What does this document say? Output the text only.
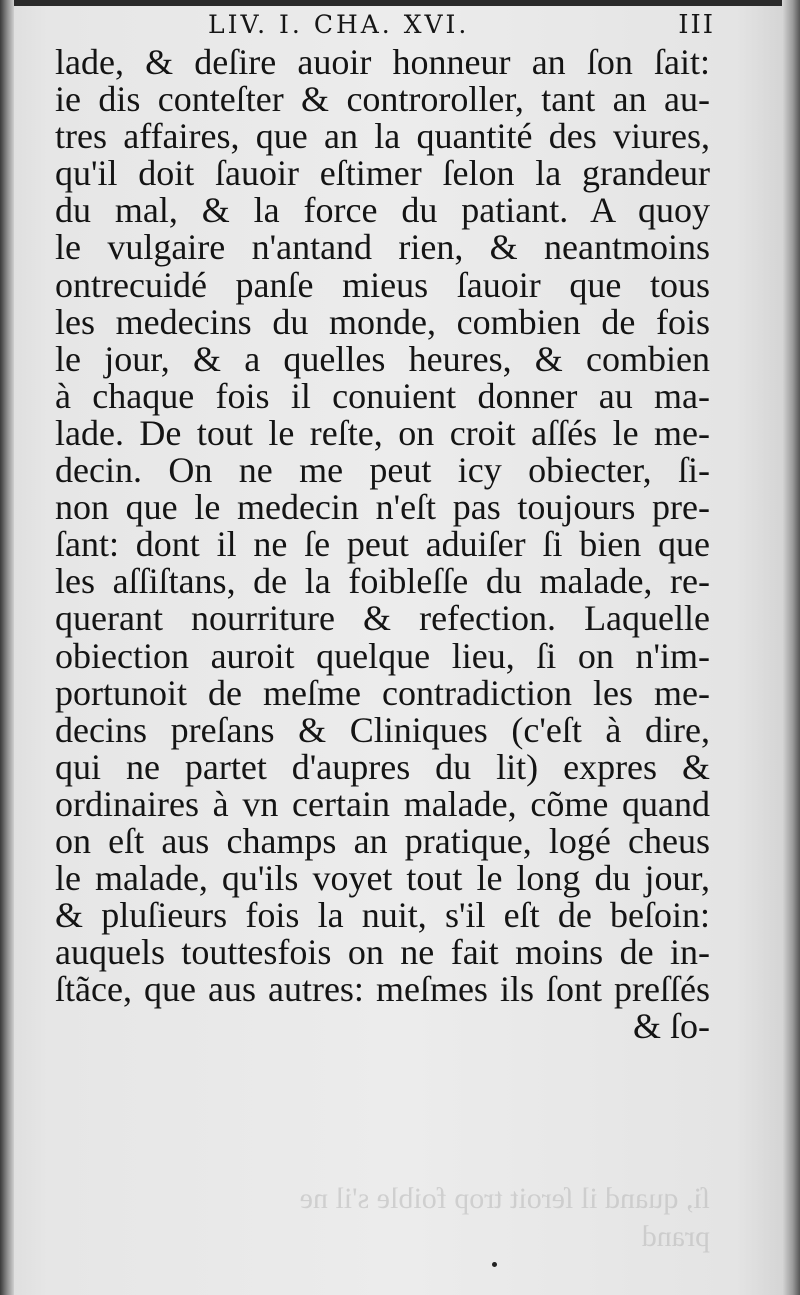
LIV. I. CHA. XVI.	III
lade, & deſire auoir honneur an ſon ſait:
ie dis conteſter & controroller, tant an au-
tres affaires, que an la quantité des viures,
qu'il doit ſauoir eſtimer ſelon la grandeur
du mal, & la force du patiant. A quoy
le vulgaire n'antand rien, & neantmoins
ontrecuidé panſe mieus ſauoir que tous
les medecins du monde, combien de fois
le jour, & a quelles heures, & combien
à chaque fois il conuient donner au ma-
lade. De tout le reſte, on croit aſſés le me-
decin. On ne me peut icy obiecter, ſi-
non que le medecin n'eſt pas toujours pre-
ſant: dont il ne ſe peut aduiſer ſi bien que
les aſſiſtans, de la foibleſſe du malade, re-
querant nourriture & refection. Laquelle
obiection auroit quelque lieu, ſi on n'im-
portunoit de meſme contradiction les me-
decins preſans & Cliniques (c'eſt à dire,
qui ne partet d'aupres du lit) expres &
ordinaires à vn certain malade, cõme quand
on eſt aus champs an pratique, logé cheus
le malade, qu'ils voyet tout le long du jour,
& pluſieurs fois la nuit, s'il eſt de beſoin:
auquels touttesfois on ne fait moins de in-
ſtãce, que aus autres: meſmes ils ſont preſſés
& ſo-
ſi, quand il ſeroit trop foible s'il ne
prand
